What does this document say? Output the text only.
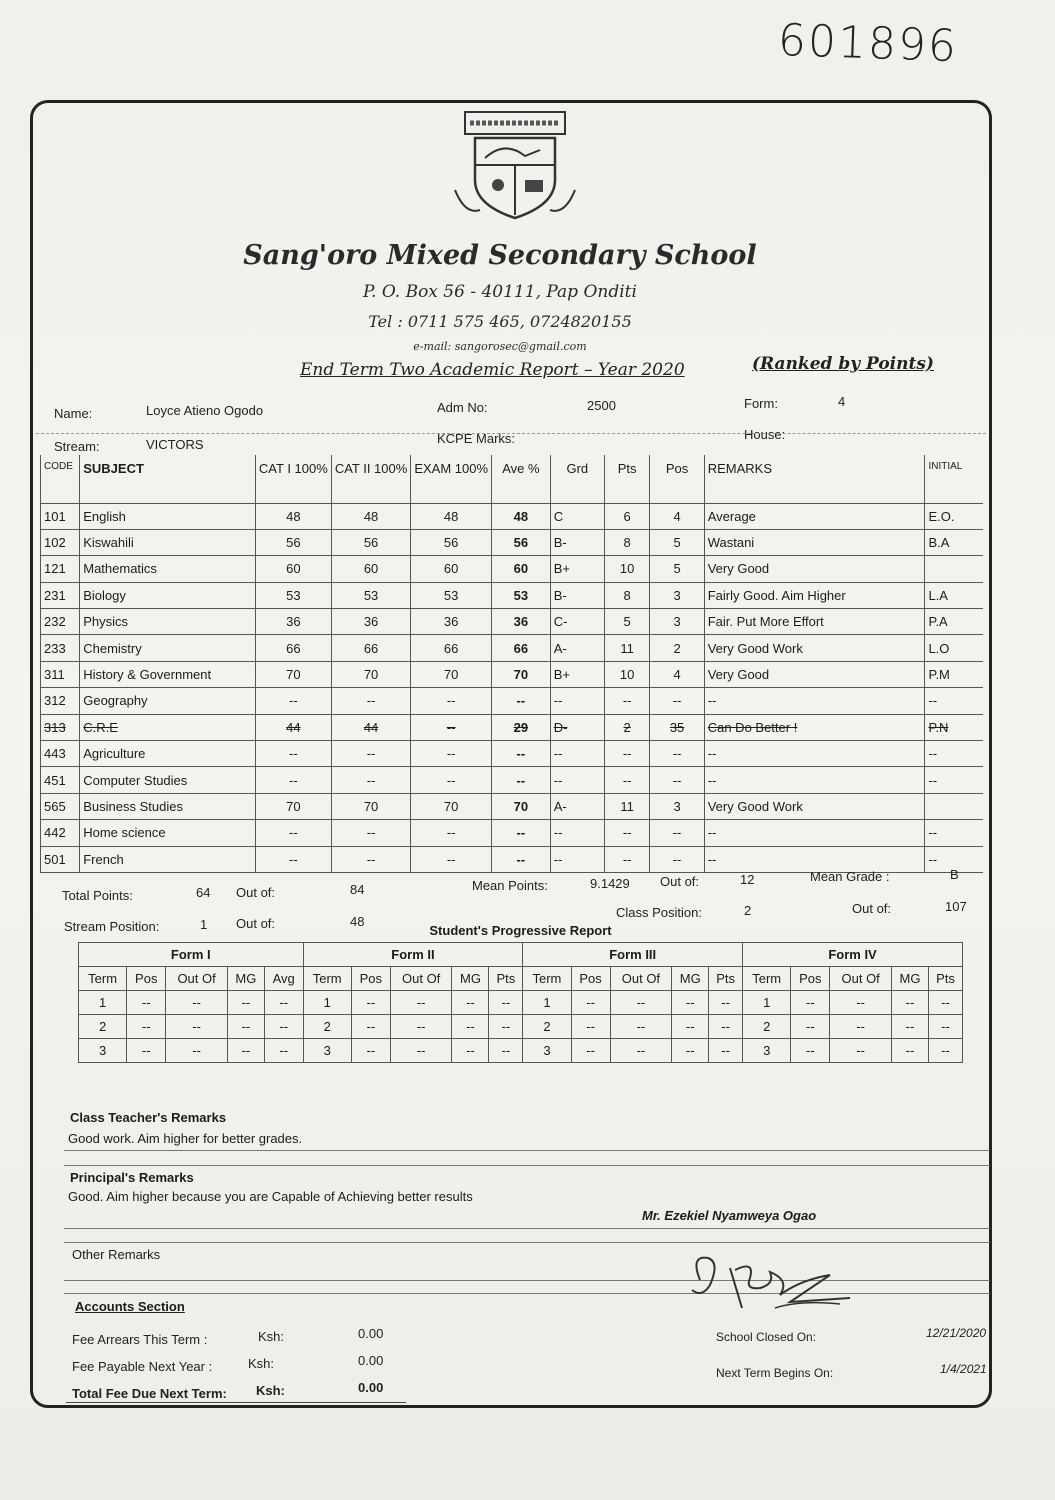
601896
Sang'oro Mixed Secondary School
P. O. Box 56 - 40111, Pap Onditi
Tel : 0711 575 465, 0724820155
e-mail: sangorosec@gmail.com
End Term Two Academic Report – Year 2020	(Ranked by Points)
Name:	Loyce Atieno Ogodo	Adm No:	2500	Form:	4
Stream:	VICTORS	KCPE Marks:	House:
CODE	SUBJECT	CAT I 100%	CAT II 100%	EXAM 100%	Ave %	Grd	Pts	Pos	REMARKS	INITIAL
101	English	48	48	48	48	C	6	4	Average	E.O.
102	Kiswahili	56	56	56	56	B-	8	5	Wastani	B.A
121	Mathematics	60	60	60	60	B+	10	5	Very Good	
231	Biology	53	53	53	53	B-	8	3	Fairly Good. Aim Higher	L.A
232	Physics	36	36	36	36	C-	5	3	Fair. Put More Effort	P.A
233	Chemistry	66	66	66	66	A-	11	2	Very Good Work	L.O
311	History & Government	70	70	70	70	B+	10	4	Very Good	P.M
312	Geography	--	--	--	--	--	--	--	--	--
313	C.R.E	44	44	--	29	D-	2	35	Can Do Better !	P.N
443	Agriculture	--	--	--	--	--	--	--	--	--
451	Computer Studies	--	--	--	--	--	--	--	--	--
565	Business Studies	70	70	70	70	A-	11	3	Very Good Work	
442	Home science	--	--	--	--	--	--	--	--	--
501	French	--	--	--	--	--	--	--	--	--
Total Points:	64 Out of:	84	Mean Points:	9.1429 Out of:	12	Mean Grade :	B
Stream Position:	1 Out of:	48
Class Position:	2	Out of:	107
Student's Progressive Report																			
Form I					Form II					Form III					Form IV				
Term	Pos	Out Of	MG	Avg	Term	Pos	Out Of	MG	Pts	Term	Pos	Out Of	MG	Pts	Term	Pos	Out Of	MG	Pts
1	--	--	--	--	1	--	--	--	--	1	--	--	--	--	1	--	--	--	--
2	--	--	--	--	2	--	--	--	--	2	--	--	--	--	2	--	--	--	--
3	--	--	--	--	3	--	--	--	--	3	--	--	--	--	3	--	--	--	--
Class Teacher's Remarks
Good work. Aim higher for better grades.
Principal's Remarks
Good. Aim higher because you are Capable of Achieving better results
Mr. Ezekiel Nyamweya Ogao
Other Remarks
Accounts Section
Fee Arrears This Term :	Ksh:	0.00
Fee Payable Next Year :	Ksh:	0.00
Total Fee Due Next Term: Ksh:	0.00
School Closed On:	12/21/2020
Next Term Begins On:	1/4/2021
